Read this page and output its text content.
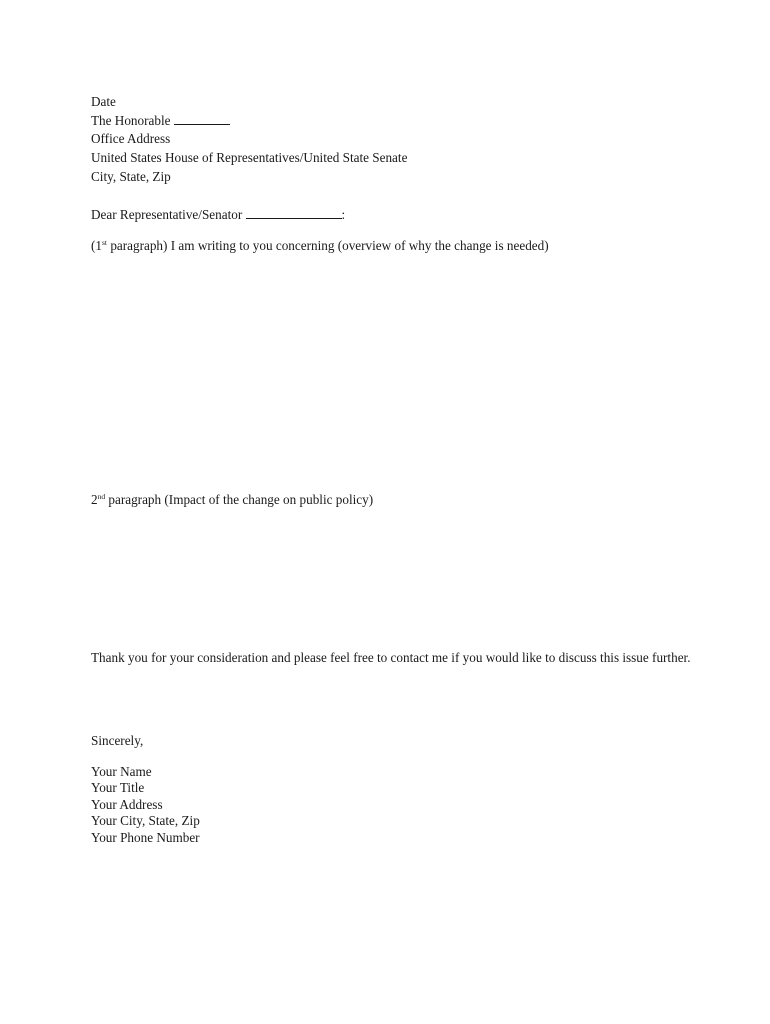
Date
The Honorable
Office Address
United States House of Representatives/United State Senate
City, State, Zip
Dear Representative/Senator	:
(1st paragraph) I am writing to you concerning (overview of why the change is needed)
2nd paragraph (Impact of the change on public policy)
Thank you for your consideration and please feel free to contact me if you would like to discuss this issue further.
Sincerely,
Your Name
Your Title
Your Address
Your City, State, Zip
Your Phone Number
